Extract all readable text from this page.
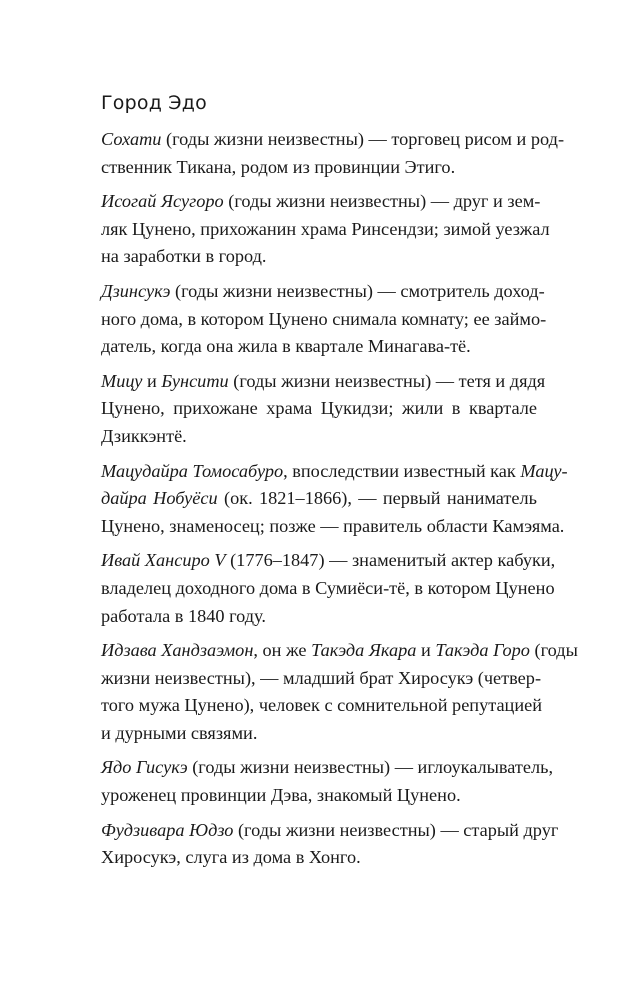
Город Эдо

Сохати (годы жизни неизвестны) — торговец рисом и род-
ственник Тикана, родом из провинции Этиго.

Исогай Ясугоро (годы жизни неизвестны) — друг и зем-
ляк Цунено, прихожанин храма Ринсендзи; зимой уезжал
на заработки в город.

Дзинсукэ (годы жизни неизвестны) — смотритель доход-
ного дома, в котором Цунено снимала комнату; ее займо-
датель, когда она жила в квартале Минагава-тё.

Мицу и Бунсити (годы жизни неизвестны) — тетя и дядя
Цунено, прихожане храма Цукидзи; жили в квартале
Дзиккэнтё.

Мацудайра Томосабуро, впоследствии известный как Мацу-
дайра Нобуёси (ок. 1821–1866), — первый наниматель
Цунено, знаменосец; позже — правитель области Камэяма.

Ивай Хансиро V (1776–1847) — знаменитый актер кабуки,
владелец доходного дома в Сумиёси-тё, в котором Цунено
работала в 1840 году.

Идзава Хандзаэмон, он же Такэда Якара и Такэда Горо (годы
жизни неизвестны), — младший брат Хиросукэ (четвер-
того мужа Цунено), человек с сомнительной репутацией
и дурными связями.

Ядо Гисукэ (годы жизни неизвестны) — иглоукалыватель,
уроженец провинции Дэва, знакомый Цунено.

Фудзивара Юдзо (годы жизни неизвестны) — старый друг
Хиросукэ, слуга из дома в Хонго.
